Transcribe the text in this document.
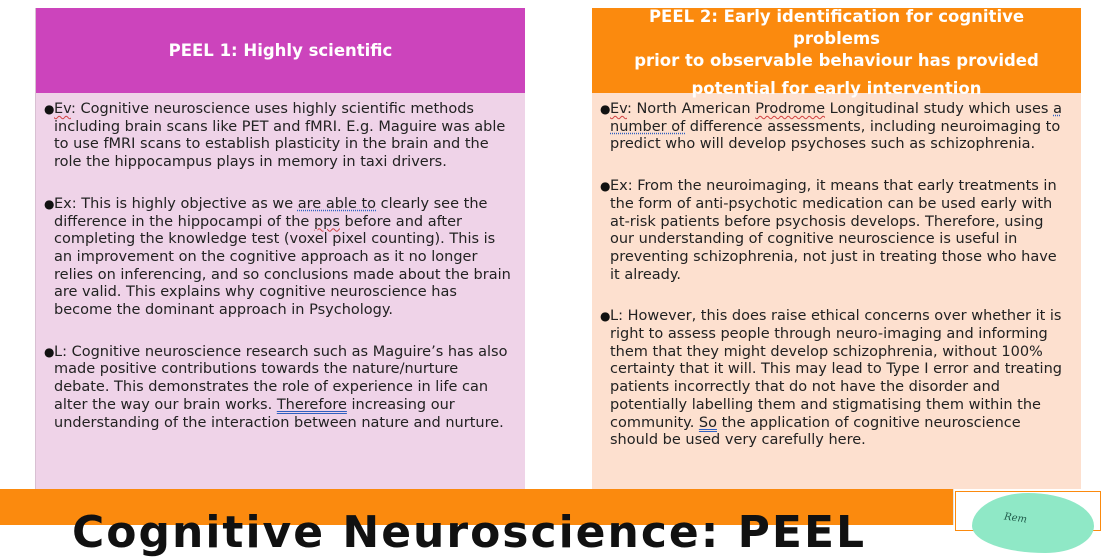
PEEL 1: Highly scientific
● Ev: Cognitive neuroscience uses highly scientific methods including brain scans like PET and fMRI. E.g. Maguire was able to use fMRI scans to establish plasticity in the brain and the role the hippocampus plays in memory in taxi drivers.
● Ex: This is highly objective as we are able to clearly see the difference in the hippocampi of the pps before and after completing the knowledge test (voxel pixel counting). This is an improvement on the cognitive approach as it no longer relies on inferencing, and so conclusions made about the brain are valid. This explains why cognitive neuroscience has become the dominant approach in Psychology.
● L: Cognitive neuroscience research such as Maguire’s has also made positive contributions towards the nature/nurture debate. This demonstrates the role of experience in life can alter the way our brain works. Therefore increasing our understanding of the interaction between nature and nurture.
PEEL 2: Early identification for cognitive problems
prior to observable behaviour has provided
potential for early intervention
● Ev: North American Prodrome Longitudinal study which uses a number of difference assessments, including neuroimaging to predict who will develop psychoses such as schizophrenia.
● Ex: From the neuroimaging, it means that early treatments in the form of anti-psychotic medication can be used early with at-risk patients before psychosis develops. Therefore, using our understanding of cognitive neuroscience is useful in preventing schizophrenia, not just in treating those who have it already.
● L: However, this does raise ethical concerns over whether it is right to assess people through neuro-imaging and informing them that they might develop schizophrenia, without 100% certainty that it will. This may lead to Type I error and treating patients incorrectly that do not have the disorder and potentially labelling them and stigmatising them within the community. So the application of cognitive neuroscience should be used very carefully here.
Cognitive Neuroscience: PEEL	Rem
